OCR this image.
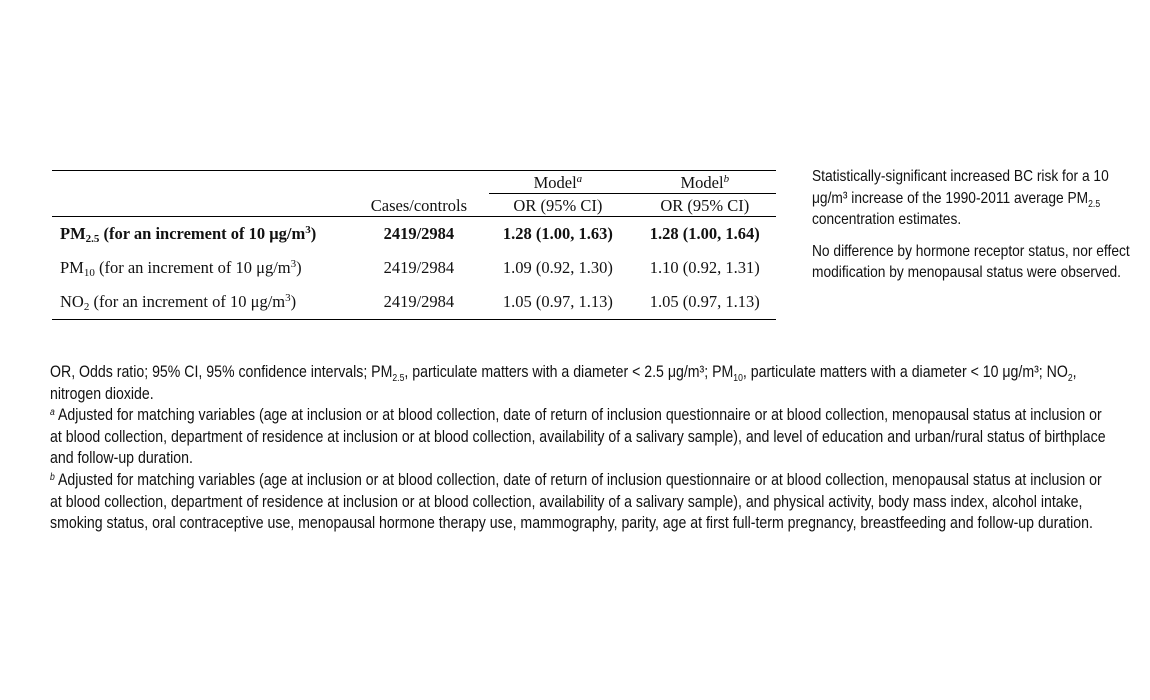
			Model$^a$		Model$^b$
	Cases/controls		OR (95% CI)		OR (95% CI)
$PM_{2.5}$ (for an increment of 10 $\mu g/m^3$)	2419/2984		1.28 (1.00, 1.63)		1.28 (1.00, 1.64)
$PM_{10}$ (for an increment of 10 $\mu g/m^3$)	2419/2984		1.09 (0.92, 1.30)		1.10 (0.92, 1.31)
$NO_2$ (for an increment of 10 $\mu g/m^3$)	2419/2984		1.05 (0.97, 1.13)		1.05 (0.97, 1.13)

Statistically-significant increased BC risk for a 10 μg/m³ increase of the 1990-2011 average $PM_{2.5}$ concentration estimates.

No difference by hormone receptor status, nor effect modification by menopausal status were observed.

OR, Odds ratio; 95% CI, 95% confidence intervals; $PM_{2.5}$, particulate matters with a diameter < 2.5 μg/m³; $PM_{10}$, particulate matters with a diameter < 10 μg/m³; $NO_2$, nitrogen dioxide.

$^a$ Adjusted for matching variables (age at inclusion or at blood collection, date of return of inclusion questionnaire or at blood collection, menopausal status at inclusion or at blood collection, department of residence at inclusion or at blood collection, availability of a salivary sample), and level of education and urban/rural status of birthplace and follow-up duration.

$^b$ Adjusted for matching variables (age at inclusion or at blood collection, date of return of inclusion questionnaire or at blood collection, menopausal status at inclusion or at blood collection, department of residence at inclusion or at blood collection, availability of a salivary sample), and physical activity, body mass index, alcohol intake, smoking status, oral contraceptive use, menopausal hormone therapy use, mammography, parity, age at first full-term pregnancy, breastfeeding and follow-up duration.
